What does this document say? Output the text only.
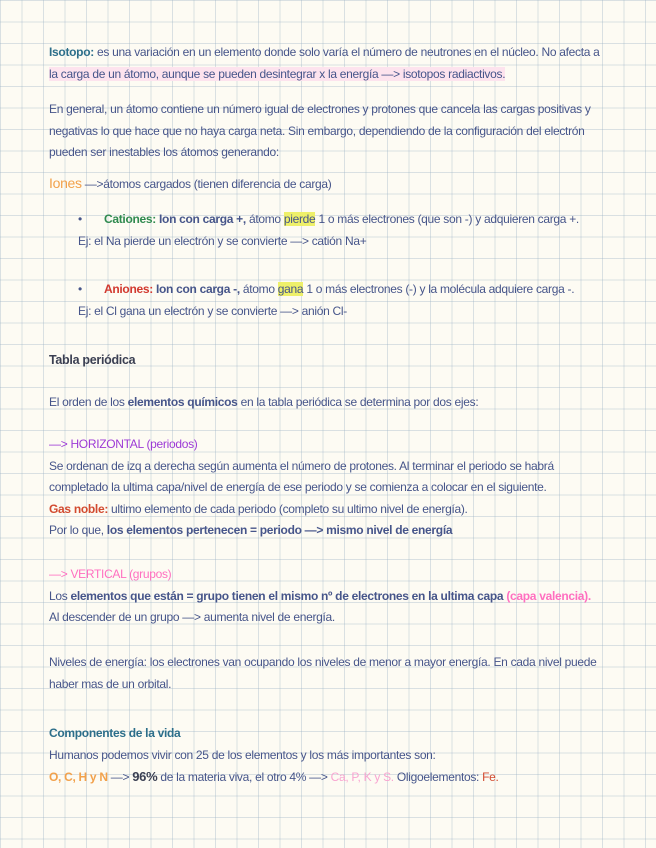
Isotopo: es una variación en un elemento donde solo varía el número de neutrones en el núcleo. No afecta a
la carga de un átomo, aunque se pueden desintegrar x la energía —> isotopos radiactivos.
En general, un átomo contiene un número igual de electrones y protones que cancela las cargas positivas y
negativas lo que hace que no haya carga neta. Sin embargo, dependiendo de la configuración del electrón
pueden ser inestables los átomos generando:
Iones —>átomos cargados (tienen diferencia de carga)
• Cationes: Ion con carga +, átomo pierde 1 o más electrones (que son -) y adquieren carga +.
Ej: el Na pierde un electrón y se convierte —> catión Na+
• Aniones: Ion con carga -, átomo gana 1 o más electrones (-) y la molécula adquiere carga -.
Ej: el Cl gana un electrón y se convierte —> anión Cl-
Tabla periódica
El orden de los elementos químicos en la tabla periódica se determina por dos ejes:
—> HORIZONTAL (periodos)
Se ordenan de izq a derecha según aumenta el número de protones. Al terminar el periodo se habrá
completado la ultima capa/nivel de energía de ese periodo y se comienza a colocar en el siguiente.
Gas noble: ultimo elemento de cada periodo (completo su ultimo nivel de energía).
Por lo que, los elementos pertenecen = periodo —> mismo nivel de energía
—> VERTICAL (grupos)
Los elementos que están = grupo tienen el mismo nº de electrones en la ultima capa (capa valencia).
Al descender de un grupo —> aumenta nivel de energía.
Niveles de energía: los electrones van ocupando los niveles de menor a mayor energía. En cada nivel puede
haber mas de un orbital.
Componentes de la vida
Humanos podemos vivir con 25 de los elementos y los más importantes son:
O, C, H y N —> 96% de la materia viva, el otro 4% —> Ca, P, K y S. Oligoelementos: Fe.
